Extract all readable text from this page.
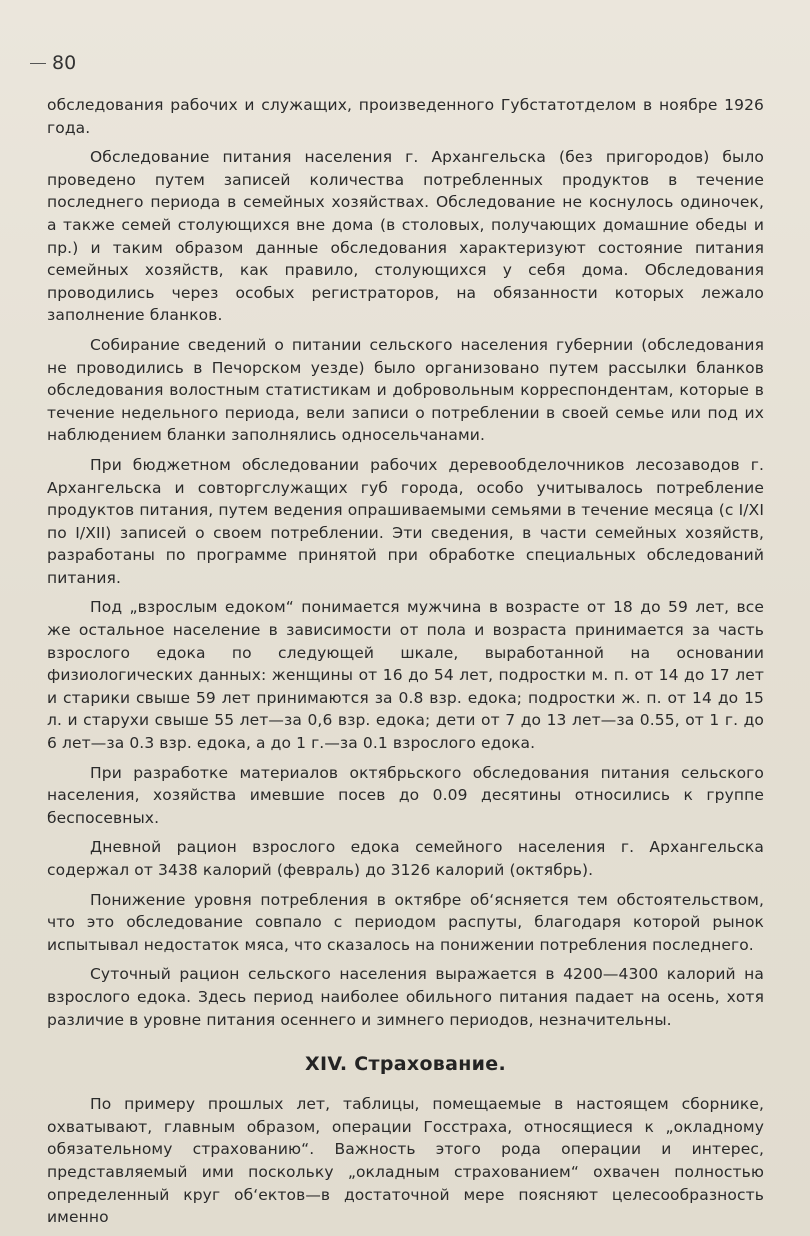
80

обследования рабочих и служащих, произведенного Губстатотделом в ноябре 1926 года.

Обследование питания населения г. Архангельска (без пригородов) было проведено путем записей количества потребленных продуктов в течение последнего периода в семейных хозяйствах. Обследование не коснулось одиночек, а также семей столующихся вне дома (в столовых, получающих домашние обеды и пр.) и таким образом данные обследования характеризуют состояние питания семейных хозяйств, как правило, столующихся у себя дома. Обследования проводились через особых регистраторов, на обязанности которых лежало заполнение бланков.

Собирание сведений о питании сельского населения губернии (обследования не проводились в Печорском уезде) было организовано путем рассылки бланков обследования волостным статистикам и добровольным корреспондентам, которые в течение недельного периода, вели записи о потреблении в своей семье или под их наблюдением бланки заполнялись односельчанами.

При бюджетном обследовании рабочих деревообделочников лесозаводов г. Архангельска и совторгслужащих губ города, особо учитывалось потребление продуктов питания, путем ведения опрашиваемыми семьями в течение месяца (с I/XI по I/XII) записей о своем потреблении. Эти сведения, в части семейных хозяйств, разработаны по программе принятой при обработке специальных обследований питания.

Под „взрослым едоком“ понимается мужчина в возрасте от 18 до 59 лет, все же остальное население в зависимости от пола и возраста принимается за часть взрослого едока по следующей шкале, выработанной на основании физиологических данных: женщины от 16 до 54 лет, подростки м. п. от 14 до 17 лет и старики свыше 59 лет принимаются за 0.8 взр. едока; подростки ж. п. от 14 до 15 л. и старухи свыше 55 лет—за 0,6 взр. едока; дети от 7 до 13 лет—за 0.55, от 1 г. до 6 лет—за 0.3 взр. едока, а до 1 г.—за 0.1 взрослого едока.

При разработке материалов октябрьского обследования питания сельского населения, хозяйства имевшие посев до 0.09 десятины относились к группе беспосевных.

Дневной рацион взрослого едока семейного населения г. Архангельска содержал от 3438 калорий (февраль) до 3126 калорий (октябрь).

Понижение уровня потребления в октябре об‘ясняется тем обстоятельством, что это обследование совпало с периодом распуты, благодаря которой рынок испытывал недостаток мяса, что сказалось на понижении потребления последнего.

Суточный рацион сельского населения выражается в 4200—4300 калорий на взрослого едока. Здесь период наиболее обильного питания падает на осень, хотя различие в уровне питания осеннего и зимнего периодов, незначительны.

XIV. Страхование.

По примеру прошлых лет, таблицы, помещаемые в настоящем сборнике, охватывают, главным образом, операции Госстраха, относящиеся к „окладному обязательному страхованию“. Важность этого рода операции и интерес, представляемый ими поскольку „окладным страхованием“ охвачен полностью определенный круг об‘ектов—в достаточной мере поясняют целесообразность именно
